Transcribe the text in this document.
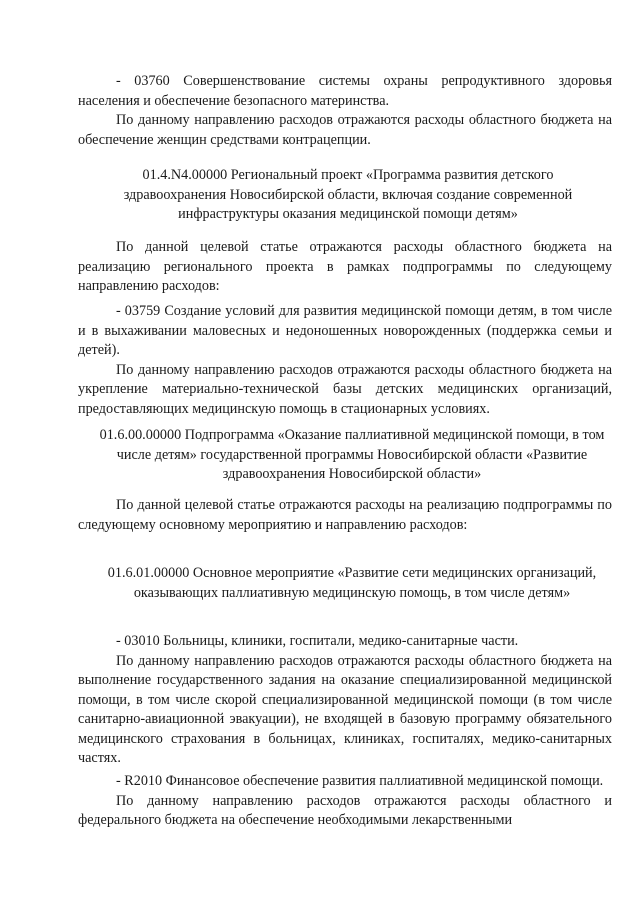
- 03760 Совершенствование системы охраны репродуктивного здоровья населения и обеспечение безопасного материнства.

По данному направлению расходов отражаются расходы областного бюджета на обеспечение женщин средствами контрацепции.

01.4.N4.00000 Региональный проект «Программа развития детского здравоохранения Новосибирской области, включая создание современной инфраструктуры оказания медицинской помощи детям»

По данной целевой статье отражаются расходы областного бюджета на реализацию регионального проекта в рамках подпрограммы по следующему направлению расходов:

- 03759 Создание условий для развития медицинской помощи детям, в том числе и в выхаживании маловесных и недоношенных новорожденных (поддержка семьи и детей).

По данному направлению расходов отражаются расходы областного бюджета на укрепление материально-технической базы детских медицинских организаций, предоставляющих медицинскую помощь в стационарных условиях.

01.6.00.00000 Подпрограмма «Оказание паллиативной медицинской помощи, в том числе детям» государственной программы Новосибирской области «Развитие здравоохранения Новосибирской области»

По данной целевой статье отражаются расходы на реализацию подпрограммы по следующему основному мероприятию и направлению расходов:

01.6.01.00000 Основное мероприятие «Развитие сети медицинских организаций, оказывающих паллиативную медицинскую помощь, в том числе детям»

- 03010 Больницы, клиники, госпитали, медико-санитарные части.

По данному направлению расходов отражаются расходы областного бюджета на выполнение государственного задания на оказание специализированной медицинской помощи, в том числе скорой специализированной медицинской помощи (в том числе санитарно-авиационной эвакуации), не входящей в базовую программу обязательного медицинского страхования в больницах, клиниках, госпиталях, медико-санитарных частях.

- R2010 Финансовое обеспечение развития паллиативной медицинской помощи.

По данному направлению расходов отражаются расходы областного и федерального бюджета на обеспечение необходимыми лекарственными
